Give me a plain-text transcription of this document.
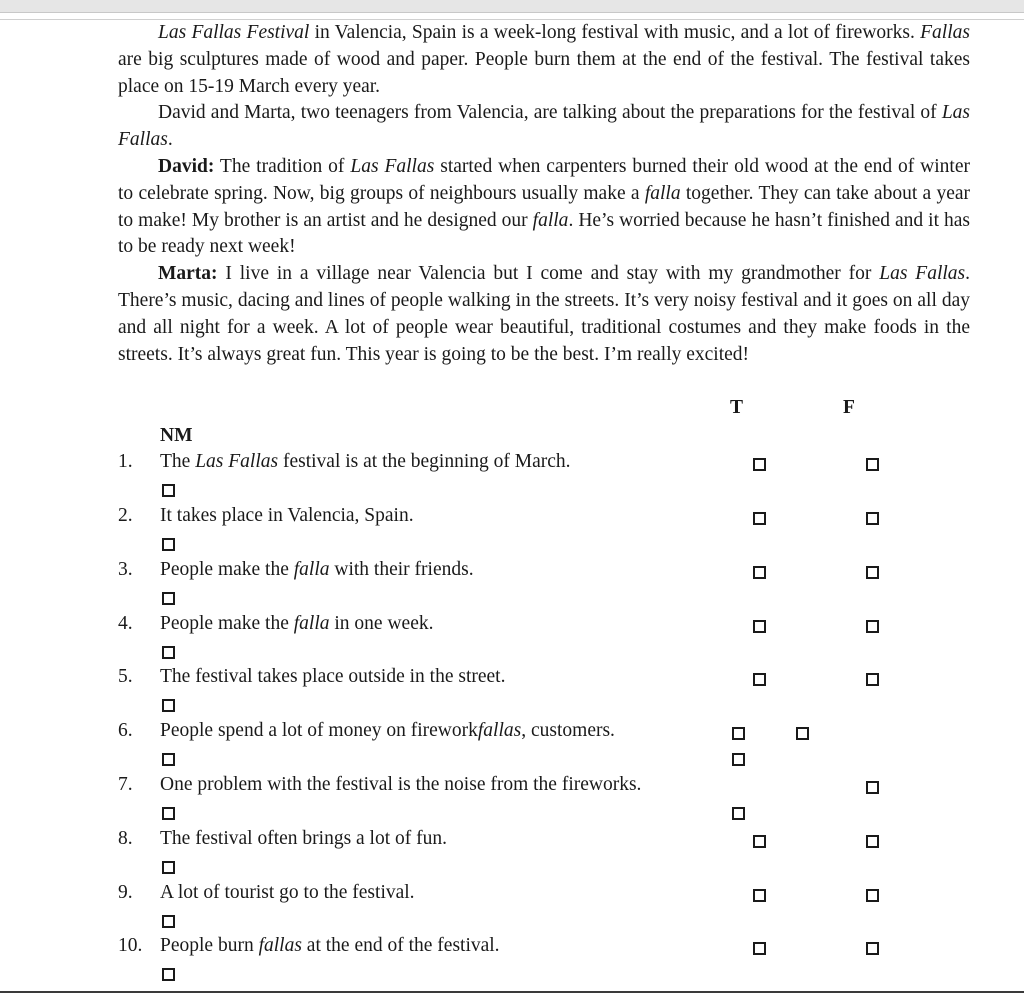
Las Fallas Festival in Valencia, Spain is a week-long festival with music, and a lot of fireworks. Fallas are big sculptures made of wood and paper. People burn them at the end of the festival. The festival takes place on 15-19 March every year.

David and Marta, two teenagers from Valencia, are talking about the preparations for the festival of Las Fallas.

David: The tradition of Las Fallas started when carpenters burned their old wood at the end of winter to celebrate spring. Now, big groups of neighbours usually make a falla together. They can take about a year to make! My brother is an artist and he designed our falla. He’s worried because he hasn’t finished and it has to be ready next week!

Marta: I live in a village near Valencia but I come and stay with my grandmother for Las Fallas. There’s music, dacing and lines of people walking in the streets. It’s very noisy festival and it goes on all day and all night for a week. A lot of people wear beautiful, traditional costumes and they make foods in the streets. It’s always great fun. This year is going to be the best. I’m really excited!

T	F
NM
1. The Las Fallas festival is at the beginning of March.
2. It takes place in Valencia, Spain.
3. People make the falla with their friends.
4. People make the falla in one week.
5. The festival takes place outside in the street.
6. People spend a lot of money on fireworkfallas, customers.
7. One problem with the festival is the noise from the fireworks.
8. The festival often brings a lot of fun.
9. A lot of tourist go to the festival.
10. People burn fallas at the end of the festival.
